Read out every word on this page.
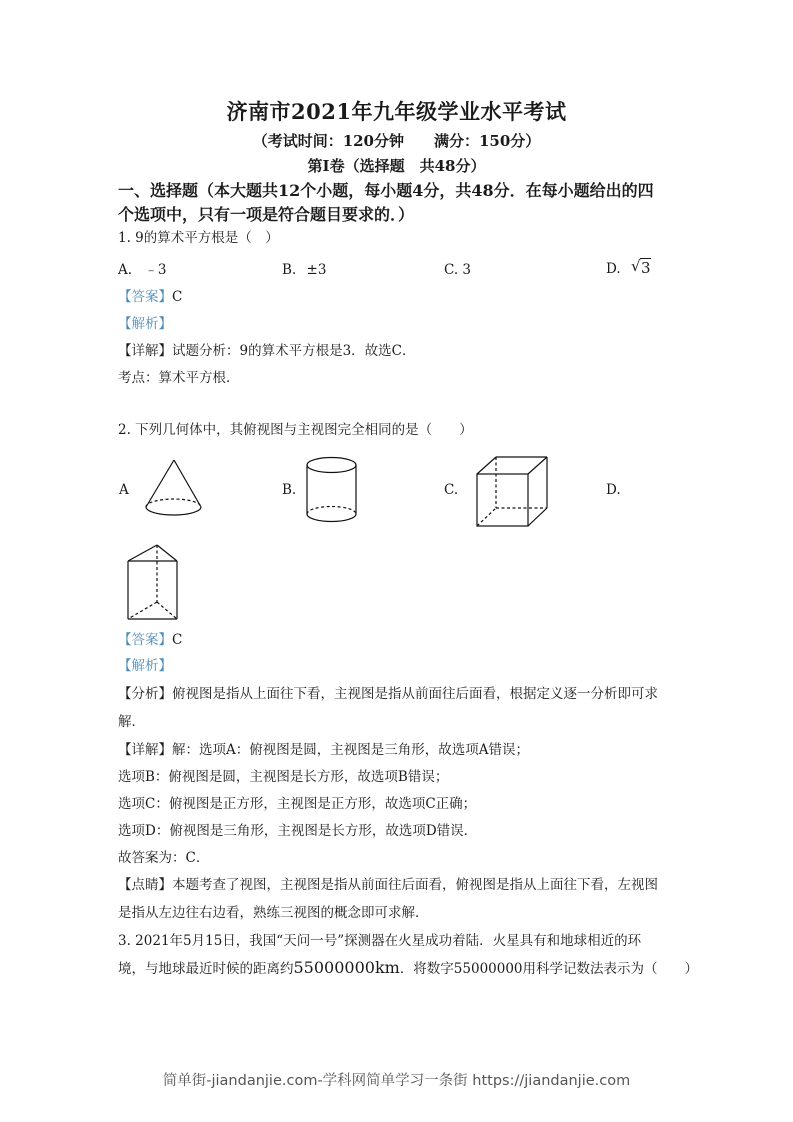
济南市2021年九年级学业水平考试
（考试时间：120分钟　　满分：150分）
第Ⅰ卷（选择题　共48分）
一、选择题（本大题共12个小题，每小题4分，共48分．在每小题给出的四
个选项中，只有一项是符合题目要求的．）
1. 9的算术平方根是（　）
A. ﹣3	B. ±3	C. 3	D. √ 3
【答案】C
【解析】
【详解】试题分析：9的算术平方根是3．故选C．
考点：算术平方根．
2. 下列几何体中，其俯视图与主视图完全相同的是（　　）
A	B.	C.	D.
【答案】C
【解析】
【分析】俯视图是指从上面往下看，主视图是指从前面往后面看，根据定义逐一分析即可求
解．
【详解】解：选项A：俯视图是圆，主视图是三角形，故选项A错误；
选项B：俯视图是圆，主视图是长方形，故选项B错误；
选项C：俯视图是正方形，主视图是正方形，故选项C正确；
选项D：俯视图是三角形，主视图是长方形，故选项D错误．
故答案为：C．
【点睛】本题考查了视图，主视图是指从前面往后面看，俯视图是指从上面往下看，左视图
是指从左边往右边看，熟练三视图的概念即可求解．
3. 2021年5月15日，我国“天问一号”探测器在火星成功着陆．火星具有和地球相近的环
境，与地球最近时候的距离约55000000km．将数字55000000用科学记数法表示为（　　）
简单街-jiandanjie.com-学科网简单学习一条街 https://jiandanjie.com
